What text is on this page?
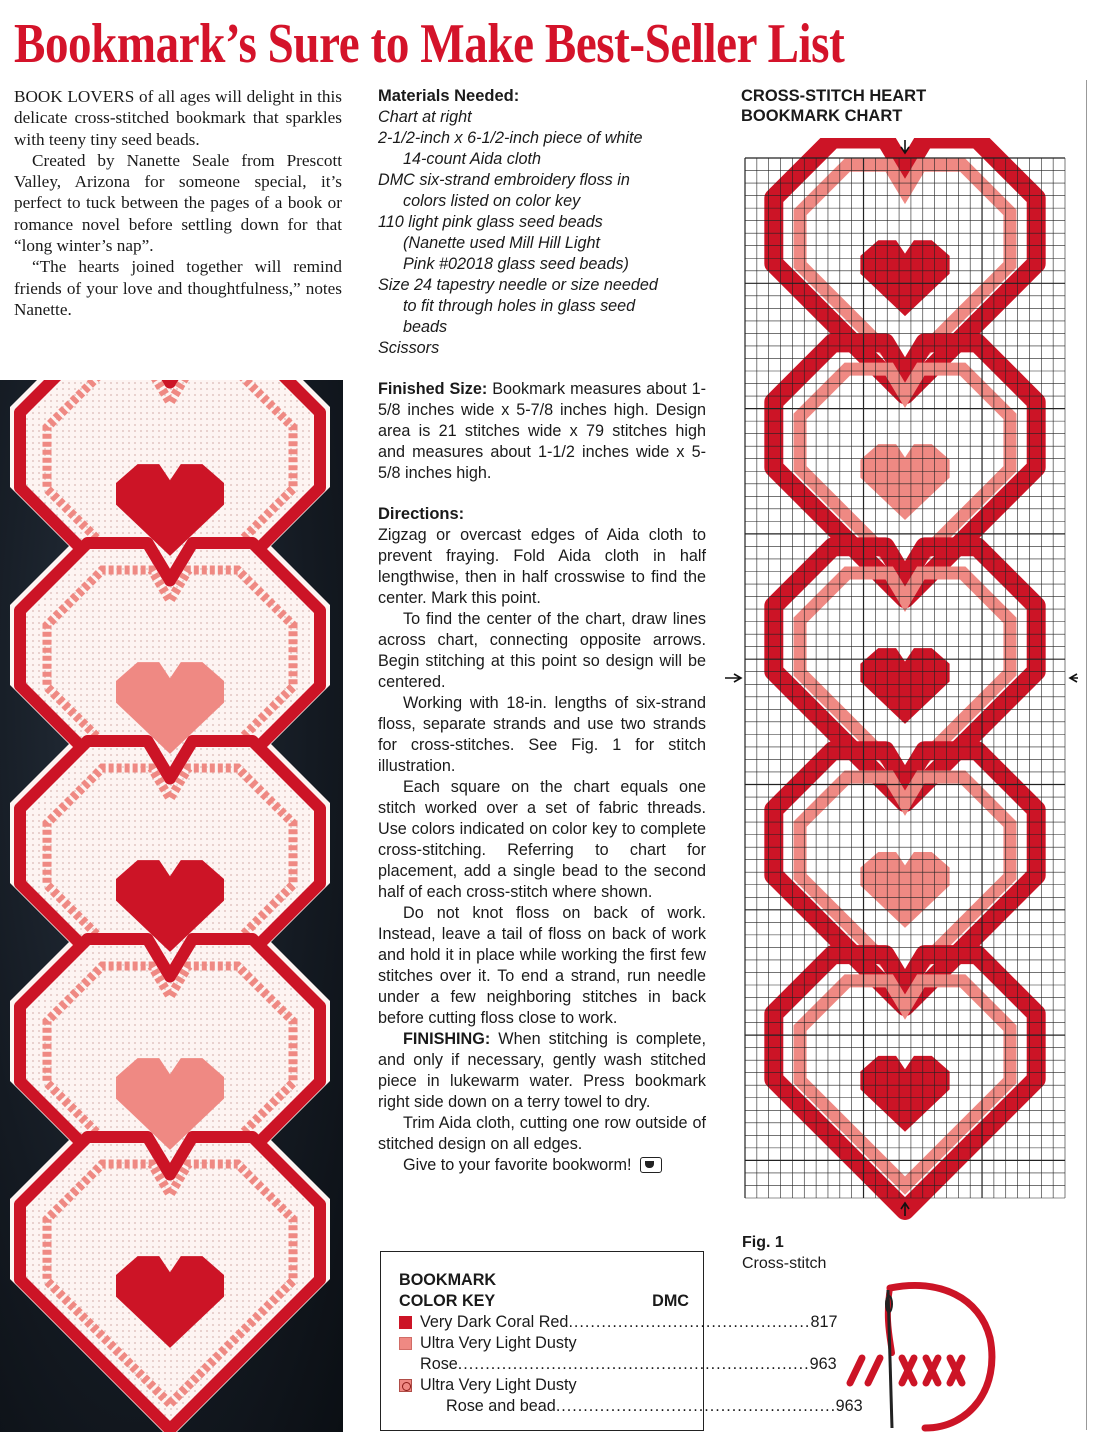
Bookmark’s Sure to Make Best-Seller List

BOOK LOVERS of all ages will delight in this delicate cross-stitched bookmark that sparkles with teeny tiny seed beads.

Created by Nanette Seale from Prescott Valley, Arizona for someone special, it’s perfect to tuck between the pages of a book or romance novel before settling down for that “long winter’s nap”.

“The hearts joined together will remind friends of your love and thoughtfulness,” notes Nanette.

Materials Needed:

Chart at right

2-1/2-inch x 6-1/2-inch piece of white

14-count Aida cloth

DMC six-strand embroidery floss in

colors listed on color key

110 light pink glass seed beads

(Nanette used Mill Hill Light

Pink #02018 glass seed beads)

Size 24 tapestry needle or size needed

to fit through holes in glass seed

beads

Scissors

Finished Size: Bookmark measures about 1-5/8 inches wide x 5-7/8 inches high. Design area is 21 stitches wide x 79 stitches high and measures about 1-1/2 inches wide x 5-5/8 inches high.

Directions:

Zigzag or overcast edges of Aida cloth to prevent fraying. Fold Aida cloth in half lengthwise, then in half crosswise to find the center. Mark this point.

To find the center of the chart, draw lines across chart, connecting opposite arrows. Begin stitching at this point so design will be centered.

Working with 18-in. lengths of six-strand floss, separate strands and use two strands for cross-stitches. See Fig. 1 for stitch illustration.

Each square on the chart equals one stitch worked over a set of fabric threads. Use colors indicated on color key to complete cross-stitching. Referring to chart for placement, add a single bead to the second half of each cross-stitch where shown.

Do not knot floss on back of work. Instead, leave a tail of floss on back of work and hold it in place while working the first few stitches over it. To end a strand, run needle under a few neighboring stitches in back before cutting floss close to work.

FINISHING: When stitching is complete, and only if necessary, gently wash stitched piece in lukewarm water. Press bookmark right side down on a terry towel to dry.

Trim Aida cloth, cutting one row outside of stitched design on all edges.

Give to your favorite bookworm!

BOOKMARK
COLOR KEY	DMC
Very Dark Coral Red .....	817
Ultra Very Light Dusty
Rose .....	963
Ultra Very Light Dusty
Rose and bead .....	963
CROSS-STITCH HEART
BOOKMARK CHART
Fig. 1
Cross-stitch
